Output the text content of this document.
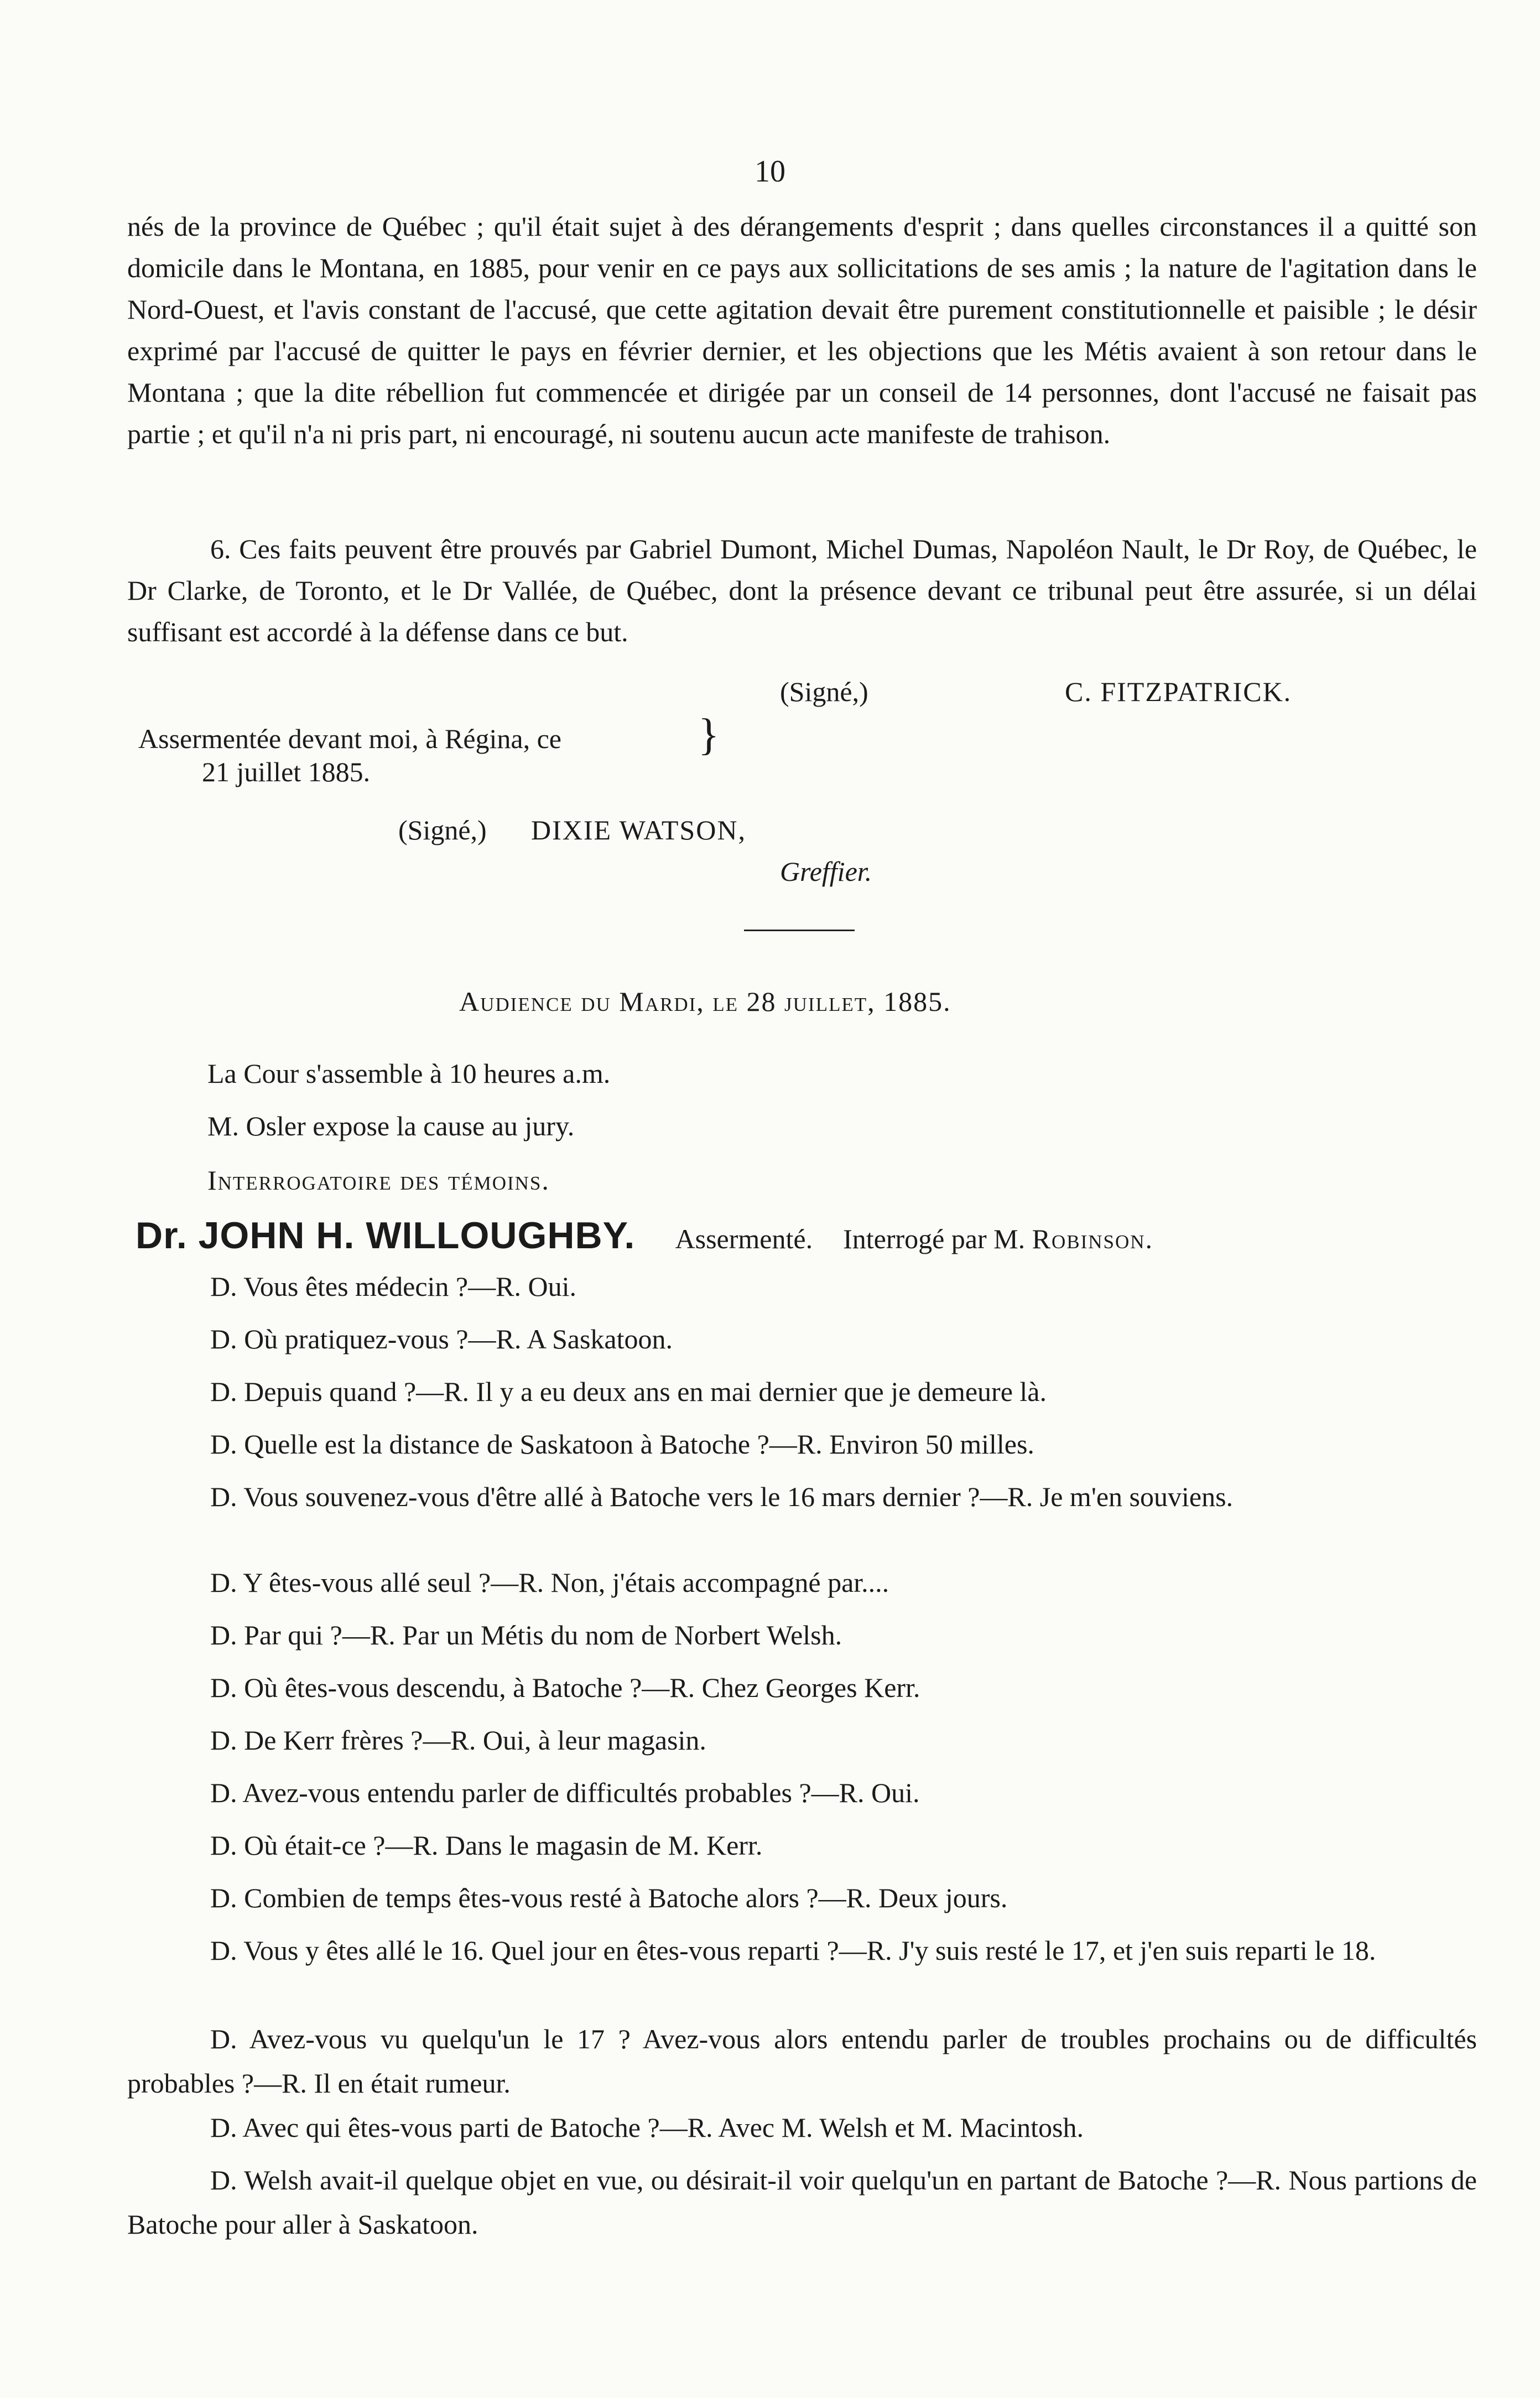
10
nés de la province de Québec ; qu'il était sujet à des dérangements d'esprit ; dans quelles circonstances il a quitté son domicile dans le Montana, en 1885, pour venir en ce pays aux sollicitations de ses amis ; la nature de l'agitation dans le Nord-Ouest, et l'avis constant de l'accusé, que cette agitation devait être purement constitutionnelle et paisible ; le désir exprimé par l'accusé de quitter le pays en février dernier, et les objections que les Métis avaient à son retour dans le Montana ; que la dite rébellion fut commencée et dirigée par un conseil de 14 personnes, dont l'accusé ne faisait pas partie ; et qu'il n'a ni pris part, ni encouragé, ni soutenu aucun acte manifeste de trahison.
6. Ces faits peuvent être prouvés par Gabriel Dumont, Michel Dumas, Napoléon Nault, le Dr Roy, de Québec, le Dr Clarke, de Toronto, et le Dr Vallée, de Québec, dont la présence devant ce tribunal peut être assurée, si un délai suffisant est accordé à la défense dans ce but.
(Signé,)	C. FITZPATRICK.
Assermentée devant moi, à Régina, ce	}
21 juillet 1885.
(Signé,) DIXIE WATSON,
Greffier.
Audience du Mardi, le 28 juillet, 1885.
La Cour s'assemble à 10 heures a.m.
M. Osler expose la cause au jury.
Interrogatoire des témoins.
Dr. JOHN H. WILLOUGHBY. Assermenté. Interrogé par M. Robinson.
D. Vous êtes médecin ?—R. Oui.
D. Où pratiquez-vous ?—R. A Saskatoon.
D. Depuis quand ?—R. Il y a eu deux ans en mai dernier que je demeure là.
D. Quelle est la distance de Saskatoon à Batoche ?—R. Environ 50 milles.
D. Vous souvenez-vous d'être allé à Batoche vers le 16 mars dernier ?—R. Je m'en souviens.
D. Y êtes-vous allé seul ?—R. Non, j'étais accompagné par....
D. Par qui ?—R. Par un Métis du nom de Norbert Welsh.
D. Où êtes-vous descendu, à Batoche ?—R. Chez Georges Kerr.
D. De Kerr frères ?—R. Oui, à leur magasin.
D. Avez-vous entendu parler de difficultés probables ?—R. Oui.
D. Où était-ce ?—R. Dans le magasin de M. Kerr.
D. Combien de temps êtes-vous resté à Batoche alors ?—R. Deux jours.
D. Vous y êtes allé le 16. Quel jour en êtes-vous reparti ?—R. J'y suis resté le 17, et j'en suis reparti le 18.
D. Avez-vous vu quelqu'un le 17 ? Avez-vous alors entendu parler de troubles prochains ou de difficultés probables ?—R. Il en était rumeur.
D. Avec qui êtes-vous parti de Batoche ?—R. Avec M. Welsh et M. Macintosh.
D. Welsh avait-il quelque objet en vue, ou désirait-il voir quelqu'un en partant de Batoche ?—R. Nous partions de Batoche pour aller à Saskatoon.
